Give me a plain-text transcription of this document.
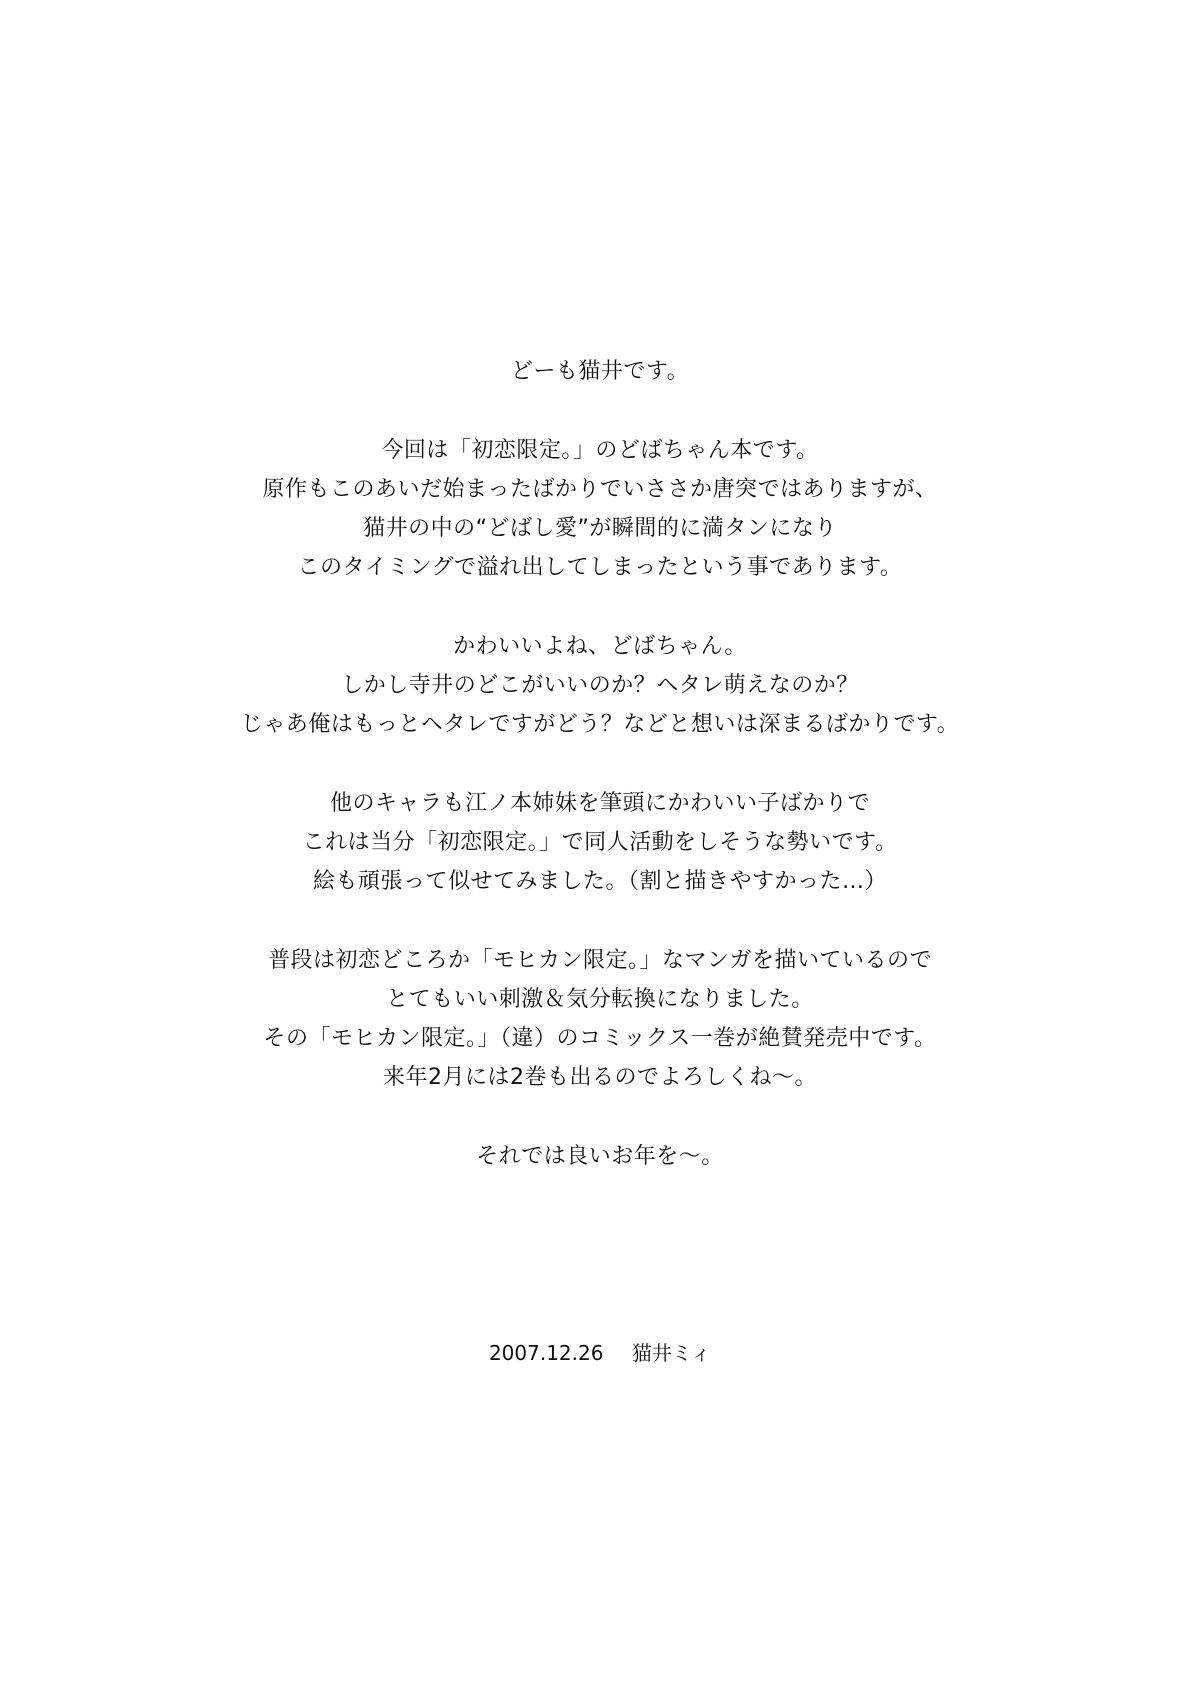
どーも猫井です。
今回は「初恋限定。」のどばちゃん本です。
原作もこのあいだ始まったばかりでいささか唐突ではありますが、
猫井の中の“どばし愛”が瞬間的に満タンになり
このタイミングで溢れ出してしまったという事であります。
かわいいよね、どばちゃん。
しかし寺井のどこがいいのか？ヘタレ萌えなのか？
じゃあ俺はもっとヘタレですがどう？などと想いは深まるばかりです。
他のキャラも江ノ本姉妹を筆頭にかわいい子ばかりで
これは当分「初恋限定。」で同人活動をしそうな勢いです。
絵も頑張って似せてみました。（割と描きやすかった…）
普段は初恋どころか「モヒカン限定。」なマンガを描いているので
とてもいい刺激＆気分転換になりました。
その「モヒカン限定。」（違）のコミックス一巻が絶賛発売中です。
来年2月には2巻も出るのでよろしくね～。
それでは良いお年を～。
2007.12.26 猫井ミィ
